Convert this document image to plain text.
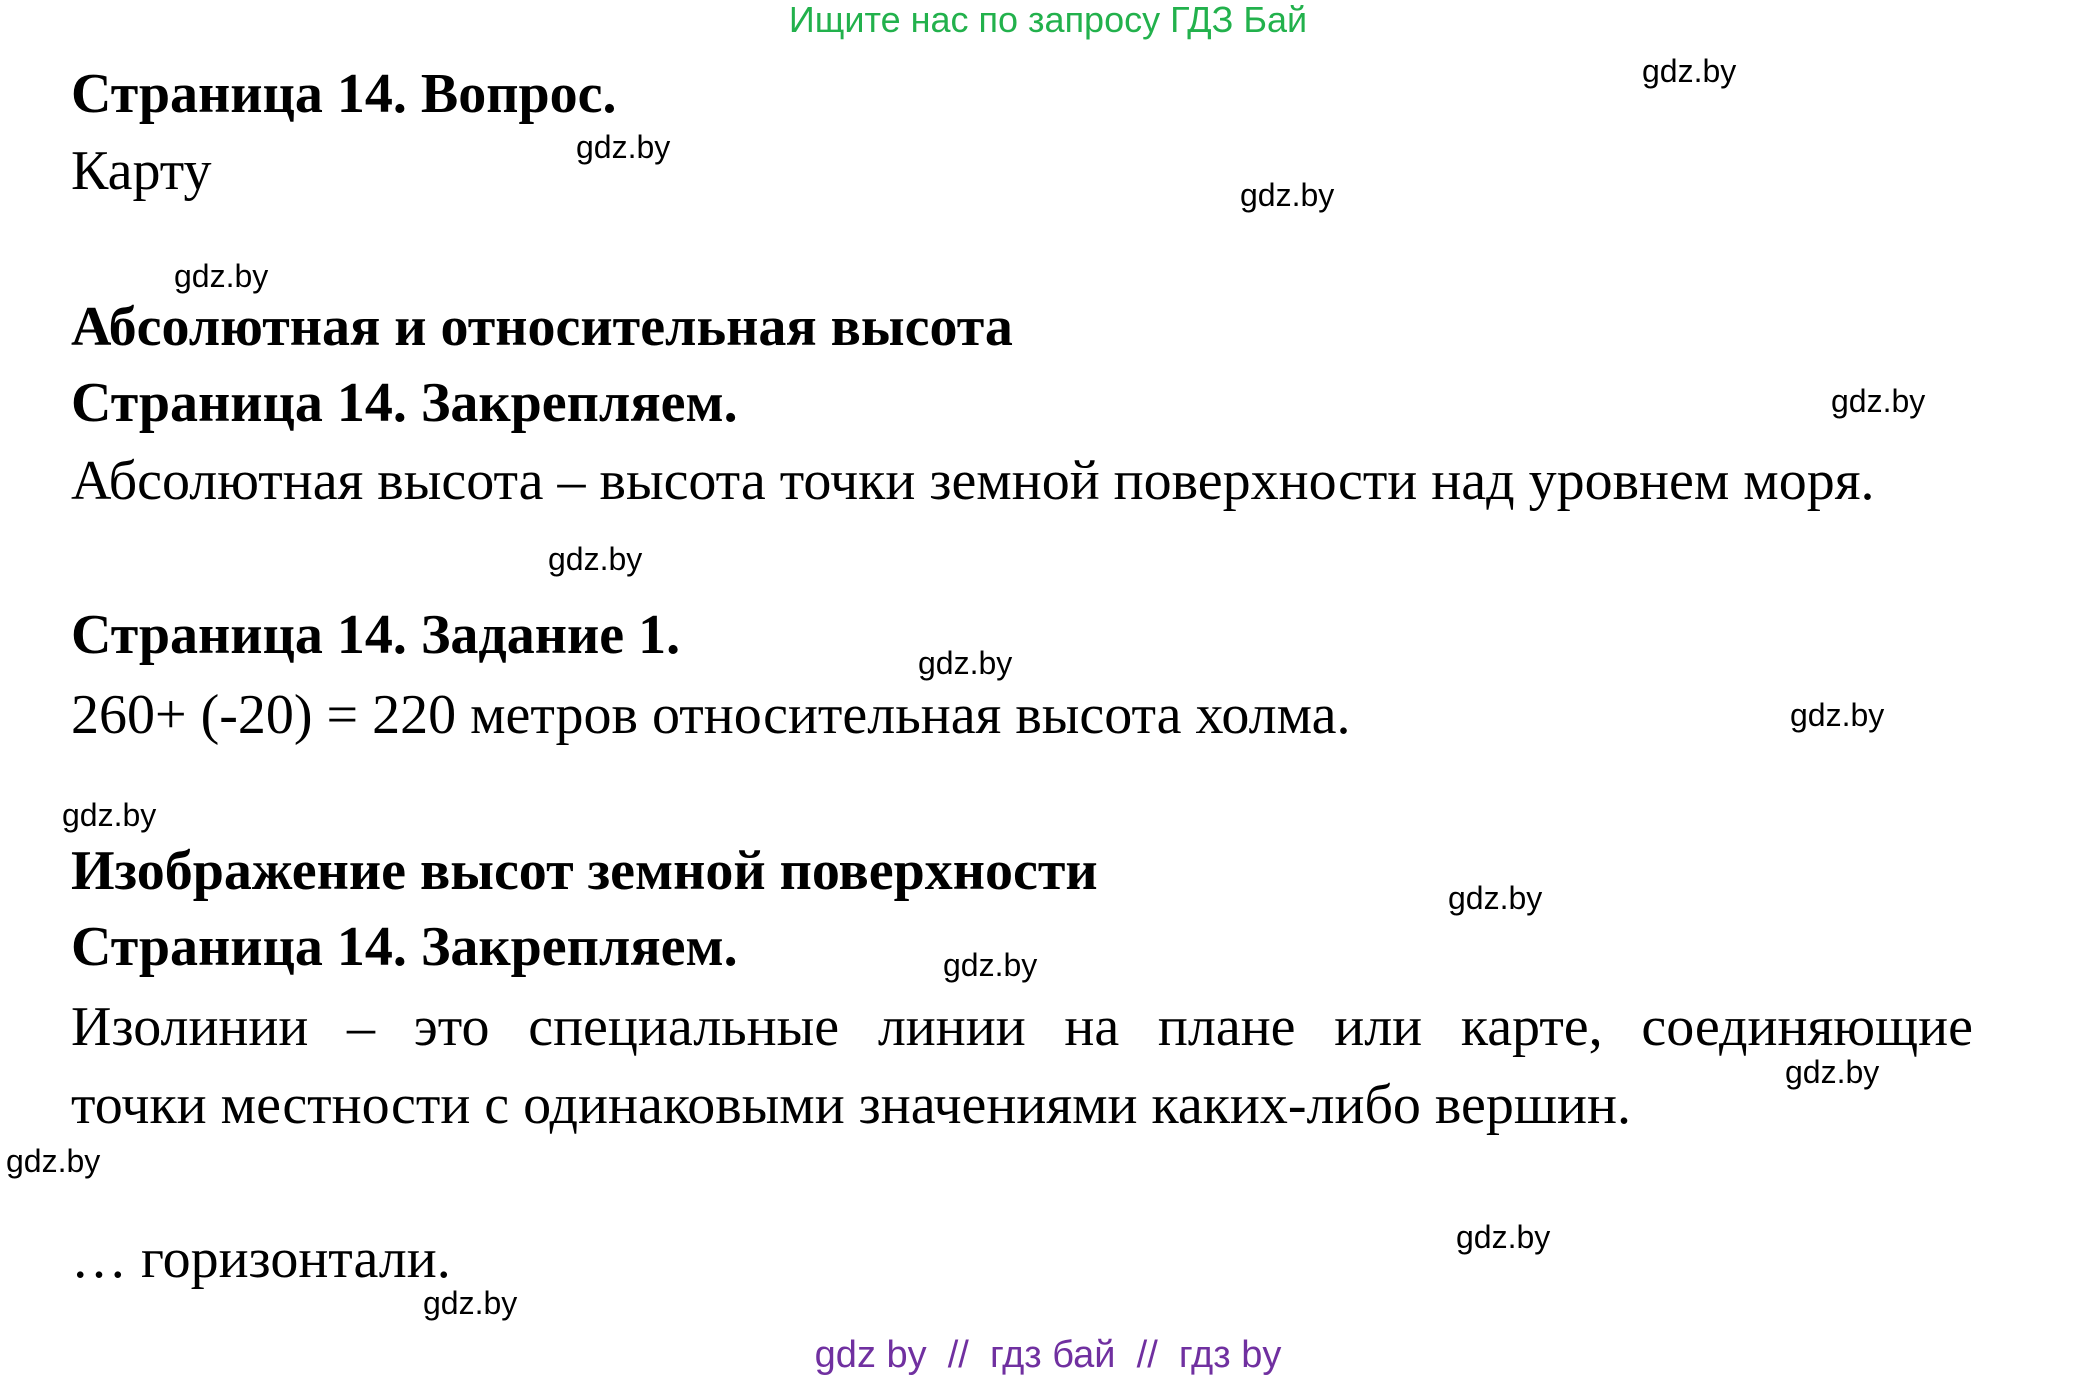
Ищите нас по запросу ГДЗ Бай
Страница 14. Вопрос.
Карту
Абсолютная и относительная высота
Страница 14. Закрепляем.
Абсолютная высота – высота точки земной поверхности над уровнем моря.
Страница 14. Задание 1.
260+ (-20) = 220 метров относительная высота холма.
Изображение высот земной поверхности
Страница 14. Закрепляем.
Изолинии – это специальные линии на плане или карте, соединяющие
точки местности с одинаковыми значениями каких-либо вершин.
… горизонтали.
gdz.by
gdz.by
gdz.by
gdz.by
gdz.by
gdz.by
gdz.by
gdz.by
gdz.by
gdz.by
gdz.by
gdz.by
gdz.by
gdz.by
gdz.by
gdz by  //  гдз бай  //  гдз by
